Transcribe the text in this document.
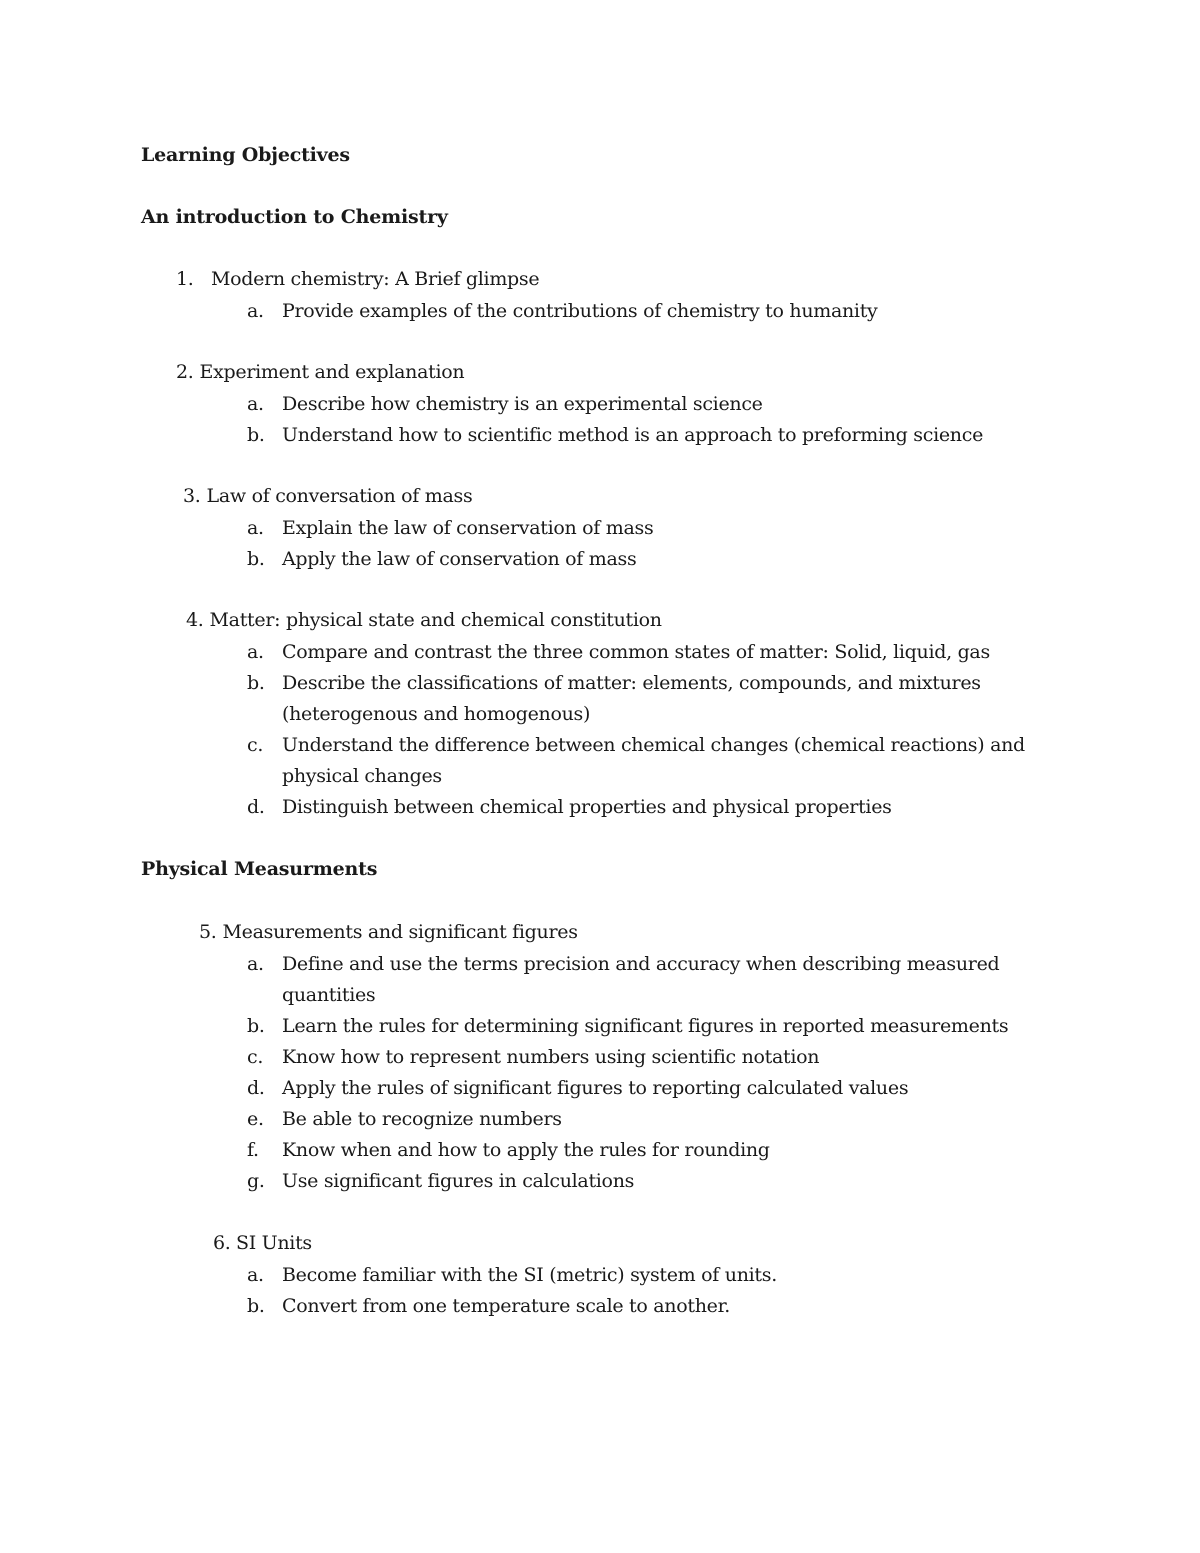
Learning Objectives
An introduction to Chemistry
1. Modern chemistry: A Brief glimpse
a. Provide examples of the contributions of chemistry to humanity
2. Experiment and explanation
a. Describe how chemistry is an experimental science
b. Understand how to scientific method is an approach to preforming science
3. Law of conversation of mass
a. Explain the law of conservation of mass
b. Apply the law of conservation of mass
4. Matter: physical state and chemical constitution
a. Compare and contrast the three common states of matter: Solid, liquid, gas
b. Describe the classifications of matter: elements, compounds, and mixtures (heterogenous and homogenous)
c. Understand the difference between chemical changes (chemical reactions) and physical changes
d. Distinguish between chemical properties and physical properties
Physical Measurments
5. Measurements and significant figures
a. Define and use the terms precision and accuracy when describing measured quantities
b. Learn the rules for determining significant figures in reported measurements
c. Know how to represent numbers using scientific notation
d. Apply the rules of significant figures to reporting calculated values
e. Be able to recognize numbers
f. Know when and how to apply the rules for rounding
g. Use significant figures in calculations
6. SI Units
a. Become familiar with the SI (metric) system of units.
b. Convert from one temperature scale to another.
